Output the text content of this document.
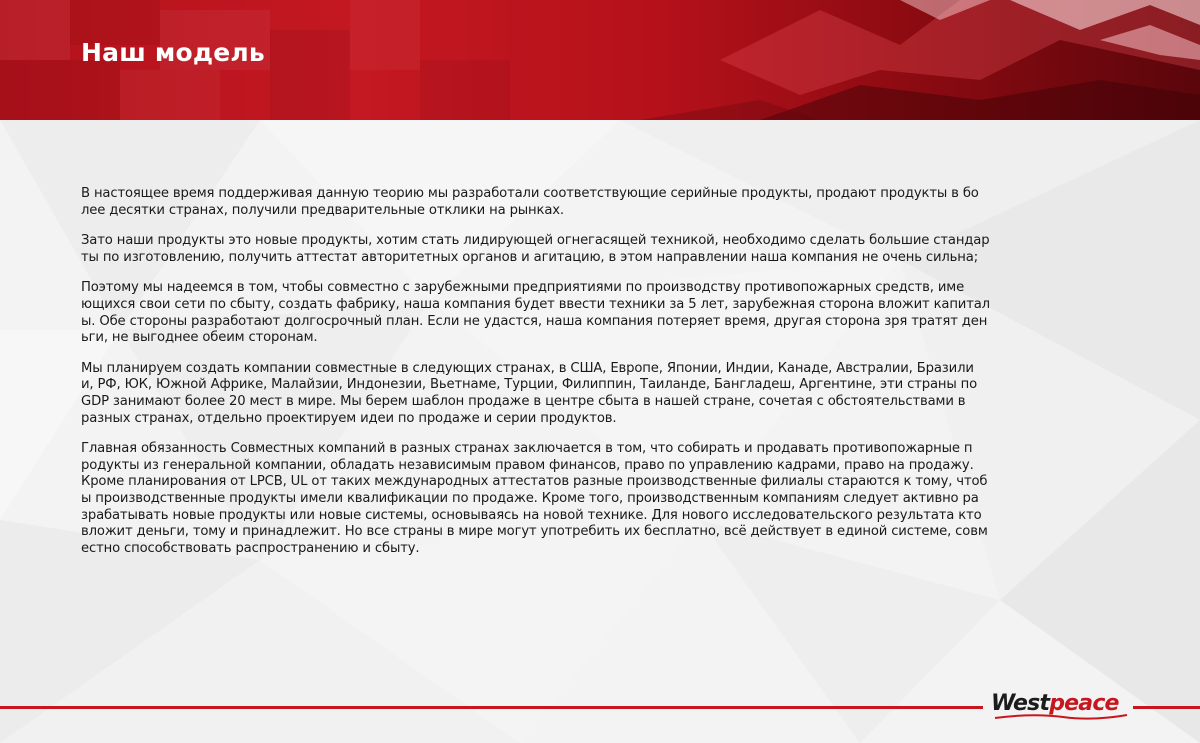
Наш модель

В настоящее время поддерживая данную теорию мы разработали соответствующие серийные продукты, продают продукты в бо
лее десятки странах, получили предварительные отклики на рынках.

Зато наши продукты это новые продукты, хотим стать лидирующей огнегасящей техникой, необходимо сделать большие стандар
ты по изготовлению, получить аттестат авторитетных органов и агитацию, в этом направлении наша компания не очень сильна;

Поэтому мы надеемся в том, чтобы совместно с зарубежными предприятиями по производству противопожарных средств, име
ющихся свои сети по сбыту, создать фабрику, наша компания будет ввести техники за 5 лет, зарубежная сторона вложит капитал
ы. Обе стороны разработают долгосрочный план. Если не удастся, наша компания потеряет время, другая сторона зря тратят ден
ьги, не выгоднее обеим сторонам.

Мы планируем создать компании совместные в следующих странах, в США, Европе, Японии, Индии, Канаде, Австралии, Бразили
и, РФ, ЮК, Южной Африке, Малайзии, Индонезии, Вьетнаме, Турции, Филиппин, Таиланде, Бангладеш, Аргентине, эти страны по
GDP занимают более 20 мест в мире. Мы берем шаблон продаже в центре сбыта в нашей стране, сочетая с обстоятельствами в
разных странах, отдельно проектируем идеи по продаже и серии продуктов.

Главная обязанность Совместных компаний в разных странах заключается в том, что собирать и продавать противопожарные п
родукты из генеральной компании, обладать независимым правом финансов, право по управлению кадрами, право на продажу.
Кроме планирования от LPCB, UL от таких международных аттестатов разные производственные филиалы стараются к тому, чтоб
ы производственные продукты имели квалификации по продаже. Кроме того, производственным компаниям следует активно ра
зрабатывать новые продукты или новые системы, основываясь на новой технике. Для нового исследовательского результата кто
вложит деньги, тому и принадлежит. Но все страны в мире могут употребить их бесплатно, всё действует в единой системе, совм
естно способствовать распространению и сбыту.

Westpeace
